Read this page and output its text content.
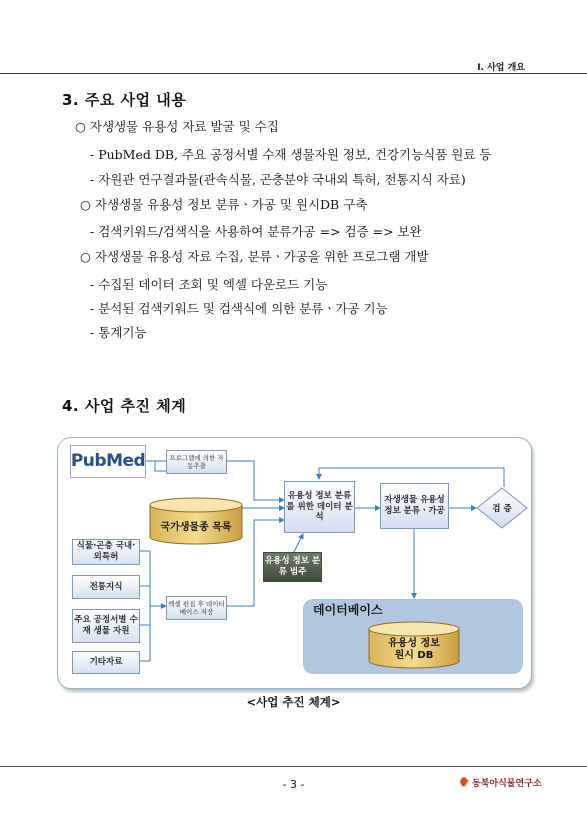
I. 사업 개요
3. 주요 사업 내용
○ 자생생물 유용성 자료 발굴 및 수집
- PubMed DB, 주요 공정서별 수재 생물자원 정보, 건강기능식품 원료 등
- 자원관 연구결과물(관속식물, 곤충분야 국내외 특허, 전통지식 자료)
○ 자생생물 유용성 정보 분류ㆍ가공 및 원시DB 구축
- 검색키워드/검색식을 사용하여 분류가공 => 검증 => 보완
○ 자생생물 유용성 자료 수집, 분류ㆍ가공을 위한 프로그램 개발
- 수집된 데이터 조회 및 엑셀 다운로드 기능
- 분석된 검색키워드 및 검색식에 의한 분류ㆍ가공 기능
- 통계기능
4. 사업 추진 체계
PubMed	프로그램에 의한 자동추출
국가생물종 목록
식물·곤충 국내·외특허
전통지식
주요 공정서별 수재 생물 자원
기타자료
엑셀 편집 후 데이터베이스 저장
유용성 정보 분류를 위한 데이터 분석
유용성 정보 분류 범주
자생생물 유용성 정보 분류ㆍ가공	검 증
데이터베이스
유용성 정보 원시 DB
<사업 추진 체계>
- 3 -	동북아식물연구소
